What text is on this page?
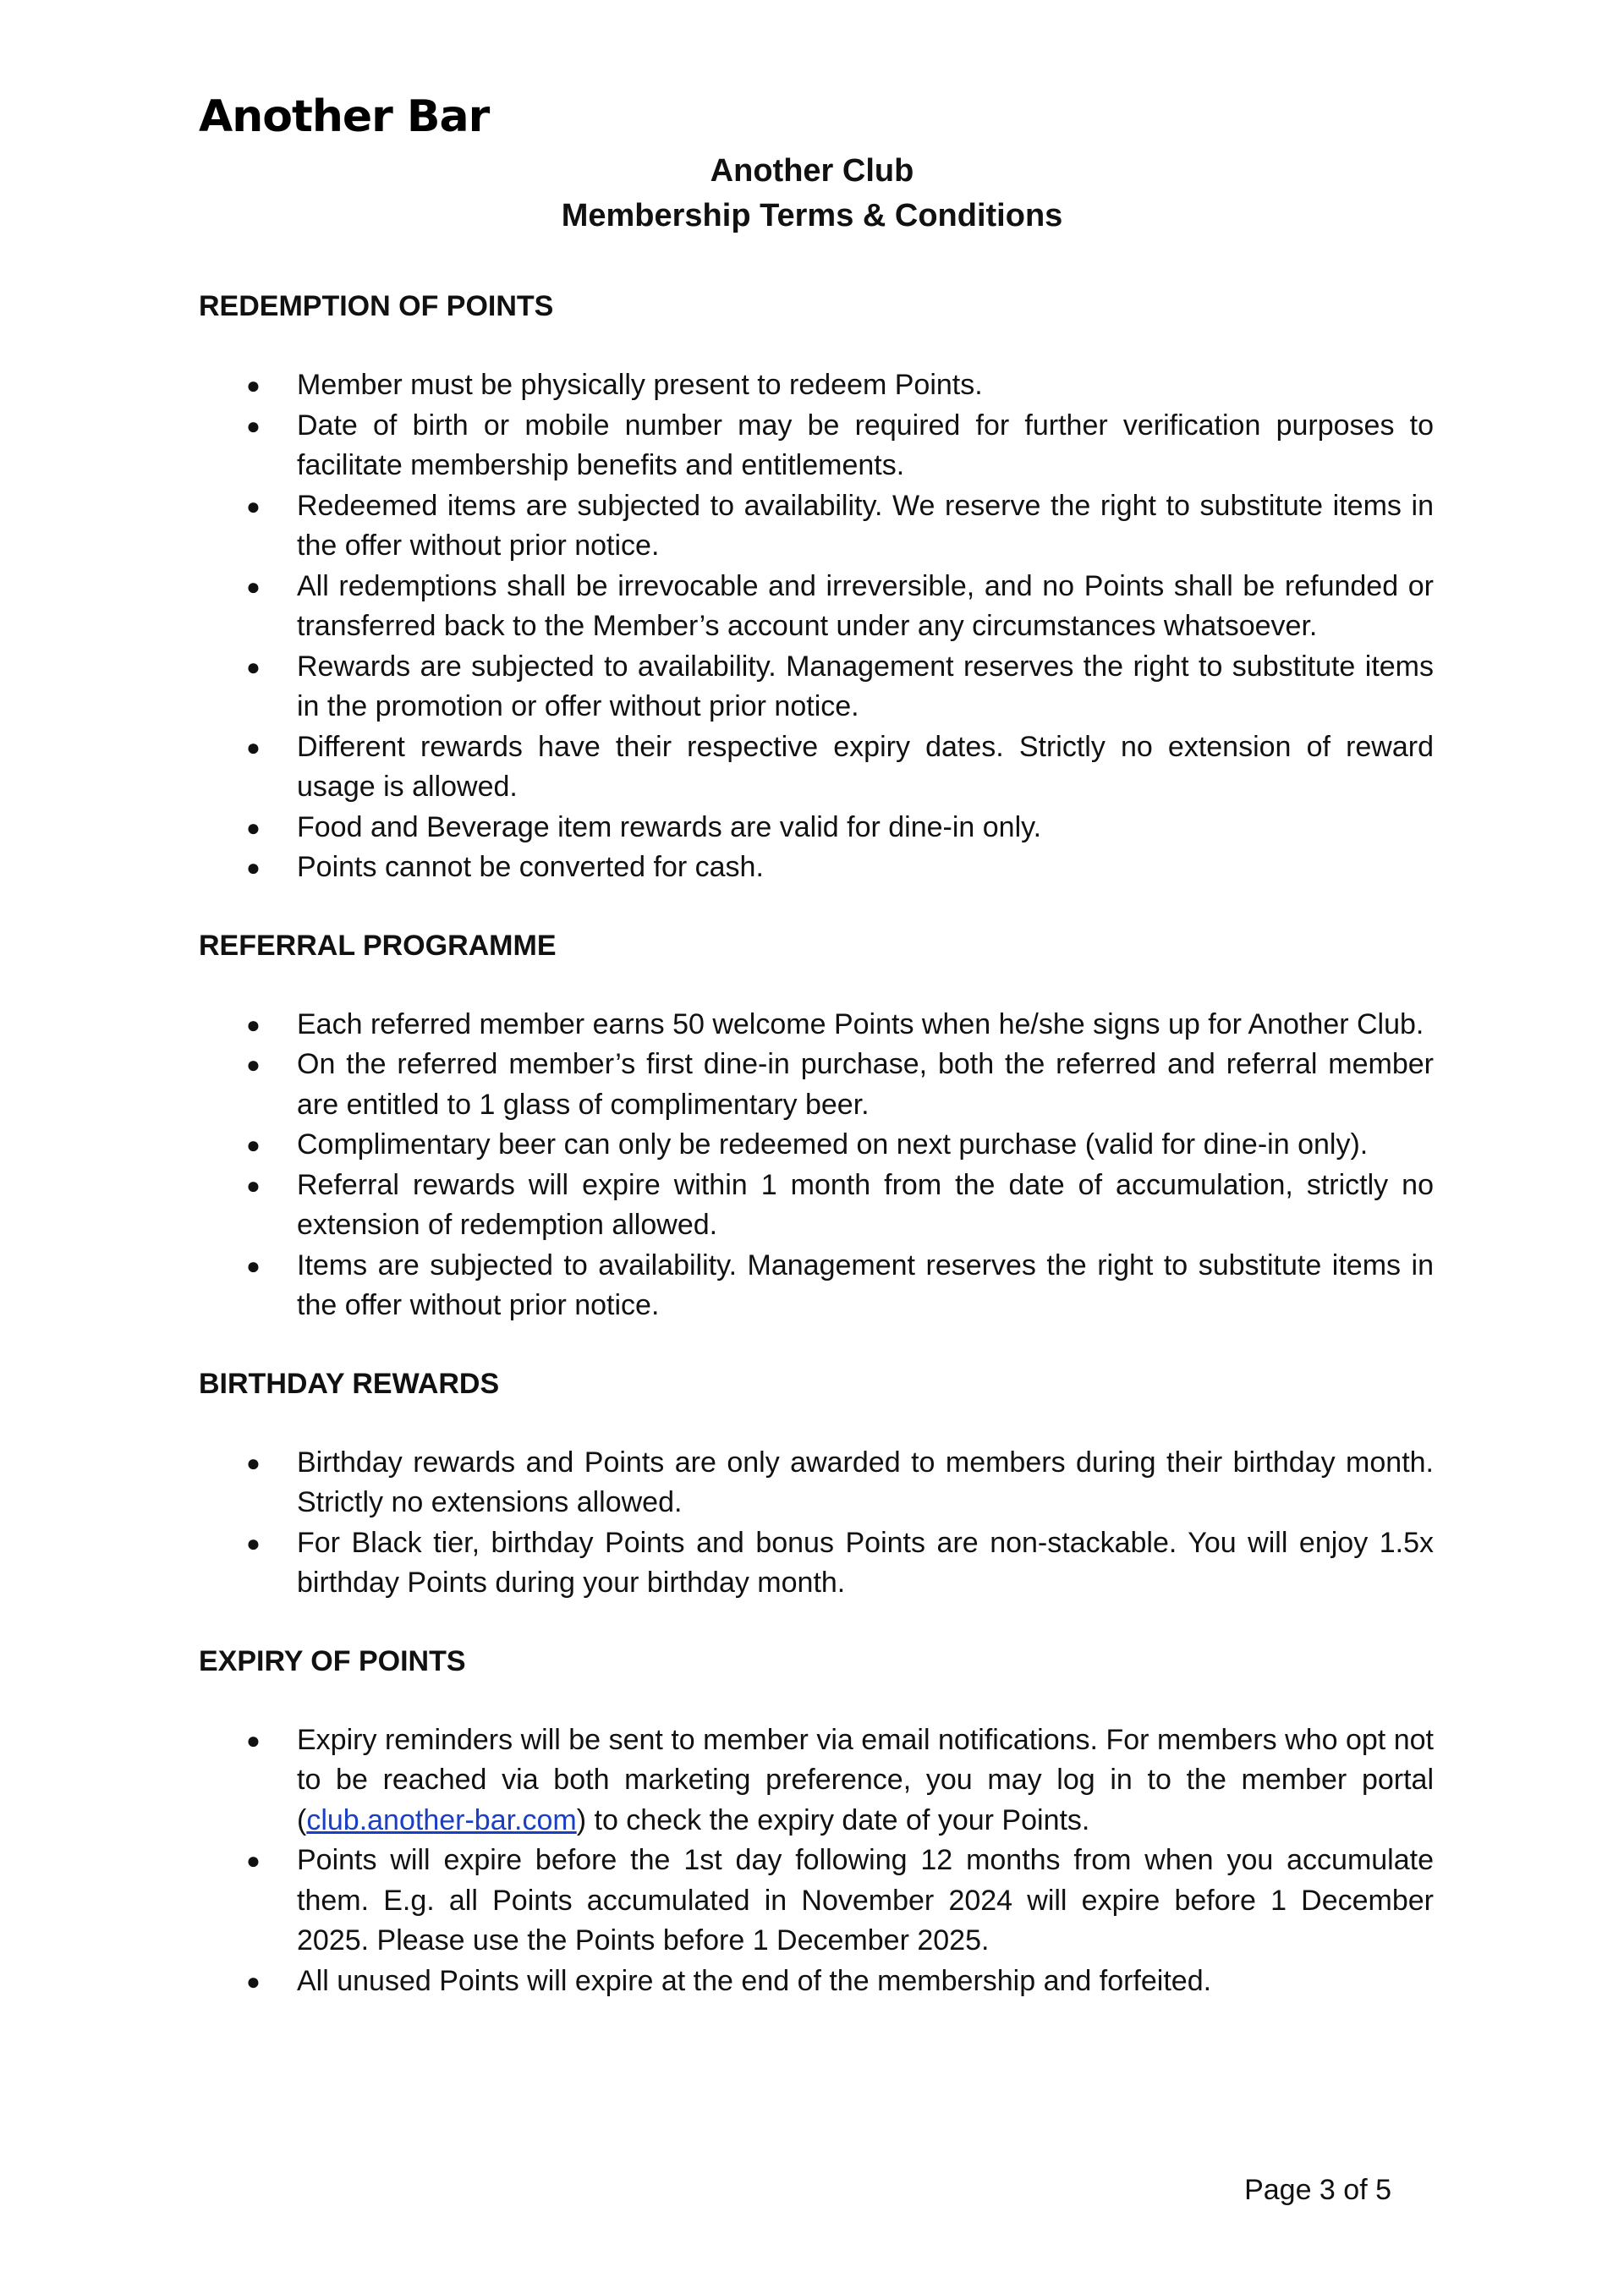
Another Bar
Another Club
Membership Terms & Conditions

REDEMPTION OF POINTS

● Member must be physically present to redeem Points.
● Date of birth or mobile number may be required for further verification purposes to facilitate membership benefits and entitlements.
● Redeemed items are subjected to availability. We reserve the right to substitute items in the offer without prior notice.
● All redemptions shall be irrevocable and irreversible, and no Points shall be refunded or transferred back to the Member’s account under any circumstances whatsoever.
● Rewards are subjected to availability. Management reserves the right to substitute items in the promotion or offer without prior notice.
● Different rewards have their respective expiry dates. Strictly no extension of reward usage is allowed.
● Food and Beverage item rewards are valid for dine-in only.
● Points cannot be converted for cash.

REFERRAL PROGRAMME

● Each referred member earns 50 welcome Points when he/she signs up for Another Club.
● On the referred member’s first dine-in purchase, both the referred and referral member are entitled to 1 glass of complimentary beer.
● Complimentary beer can only be redeemed on next purchase (valid for dine-in only).
● Referral rewards will expire within 1 month from the date of accumulation, strictly no extension of redemption allowed.
● Items are subjected to availability. Management reserves the right to substitute items in the offer without prior notice.

BIRTHDAY REWARDS

● Birthday rewards and Points are only awarded to members during their birthday month. Strictly no extensions allowed.
● For Black tier, birthday Points and bonus Points are non-stackable. You will enjoy 1.5x birthday Points during your birthday month.

EXPIRY OF POINTS

● Expiry reminders will be sent to member via email notifications. For members who opt not to be reached via both marketing preference, you may log in to the member portal (club.another-bar.com) to check the expiry date of your Points.
● Points will expire before the 1st day following 12 months from when you accumulate them. E.g. all Points accumulated in November 2024 will expire before 1 December 2025. Please use the Points before 1 December 2025.
● All unused Points will expire at the end of the membership and forfeited.
Page 3 of 5
